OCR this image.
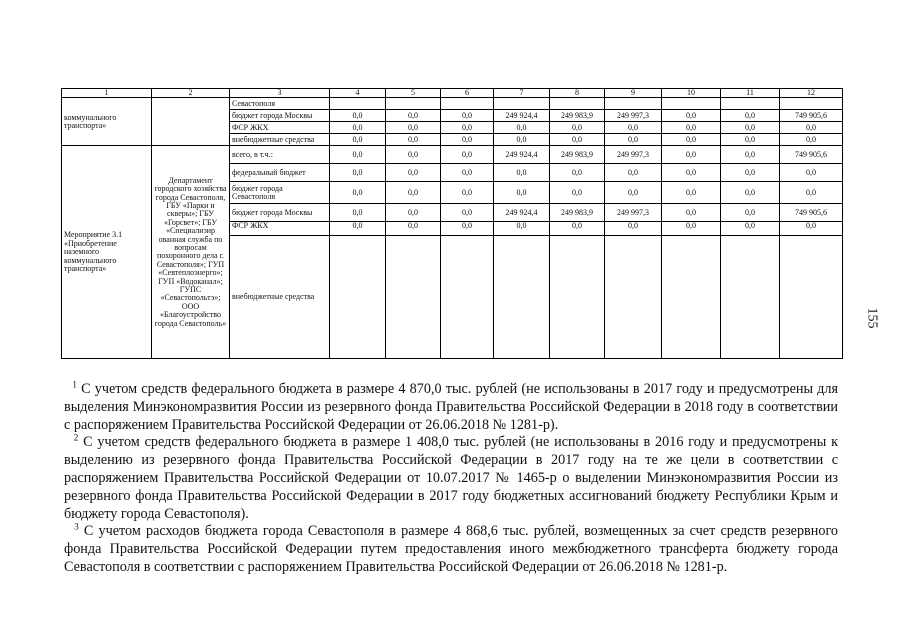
1	2	3	4	5	6	7	8	9	10	11	12
коммунального транспорта»		Севастополя									
		бюджет города Москвы	0,0	0,0	0,0	249 924,4	249 983,9	249 997,3	0,0	0,0	749 905,6
		ФСР ЖКХ	0,0	0,0	0,0	0,0	0,0	0,0	0,0	0,0	0,0
		внебюджетные средства	0,0	0,0	0,0	0,0	0,0	0,0	0,0	0,0	0,0
Мероприятие 3.1 «Приобретение наземного коммунального транспорта»	Департамент городского хозяйства города Севастополя, ГБУ «Парки и скверы»; ГБУ «Горсвет»; ГБУ «Специализир ованная служба по вопросам похоронного дела г. Севастополя»; ГУП «Севтеплоэнерго»; ГУП «Водоканал»; ГУПС «Севастопольтэ»; ООО «Благоустройство города Севастополь»	всего, в т.ч.:	0,0	0,0	0,0	249 924,4	249 983,9	249 997,3	0,0	0,0	749 905,6
		федеральный бюджет	0,0	0,0	0,0	0,0	0,0	0,0	0,0	0,0	0,0
		бюджет города Севастополя	0,0	0,0	0,0	0,0	0,0	0,0	0,0	0,0	0,0
		бюджет города Москвы	0,0	0,0	0,0	249 924,4	249 983,9	249 997,3	0,0	0,0	749 905,6
		ФСР ЖКХ	0,0	0,0	0,0	0,0	0,0	0,0	0,0	0,0	0,0
		внебюджетные средства									
155

$^1$ С учетом средств федерального бюджета в размере 4 870,0 тыс. рублей (не использованы в 2017 году и предусмотрены для выделения Минэкономразвития России из резервного фонда Правительства Российской Федерации в 2018 году в соответствии с распоряжением Правительства Российской Федерации от 26.06.2018 № 1281-р).

$^2$ С учетом средств федерального бюджета в размере 1 408,0 тыс. рублей (не использованы в 2016 году и предусмотрены к выделению из резервного фонда Правительства Российской Федерации в 2017 году на те же цели в соответствии с распоряжением Правительства Российской Федерации от 10.07.2017 № 1465-р о выделении Минэкономразвития России из резервного фонда Правительства Российской Федерации в 2017 году бюджетных ассигнований бюджету Республики Крым и бюджету города Севастополя).

$^3$ С учетом расходов бюджета города Севастополя в размере 4 868,6 тыс. рублей, возмещенных за счет средств резервного фонда Правительства Российской Федерации путем предоставления иного межбюджетного трансферта бюджету города Севастополя в соответствии с распоряжением Правительства Российской Федерации от 26.06.2018 № 1281-р.
